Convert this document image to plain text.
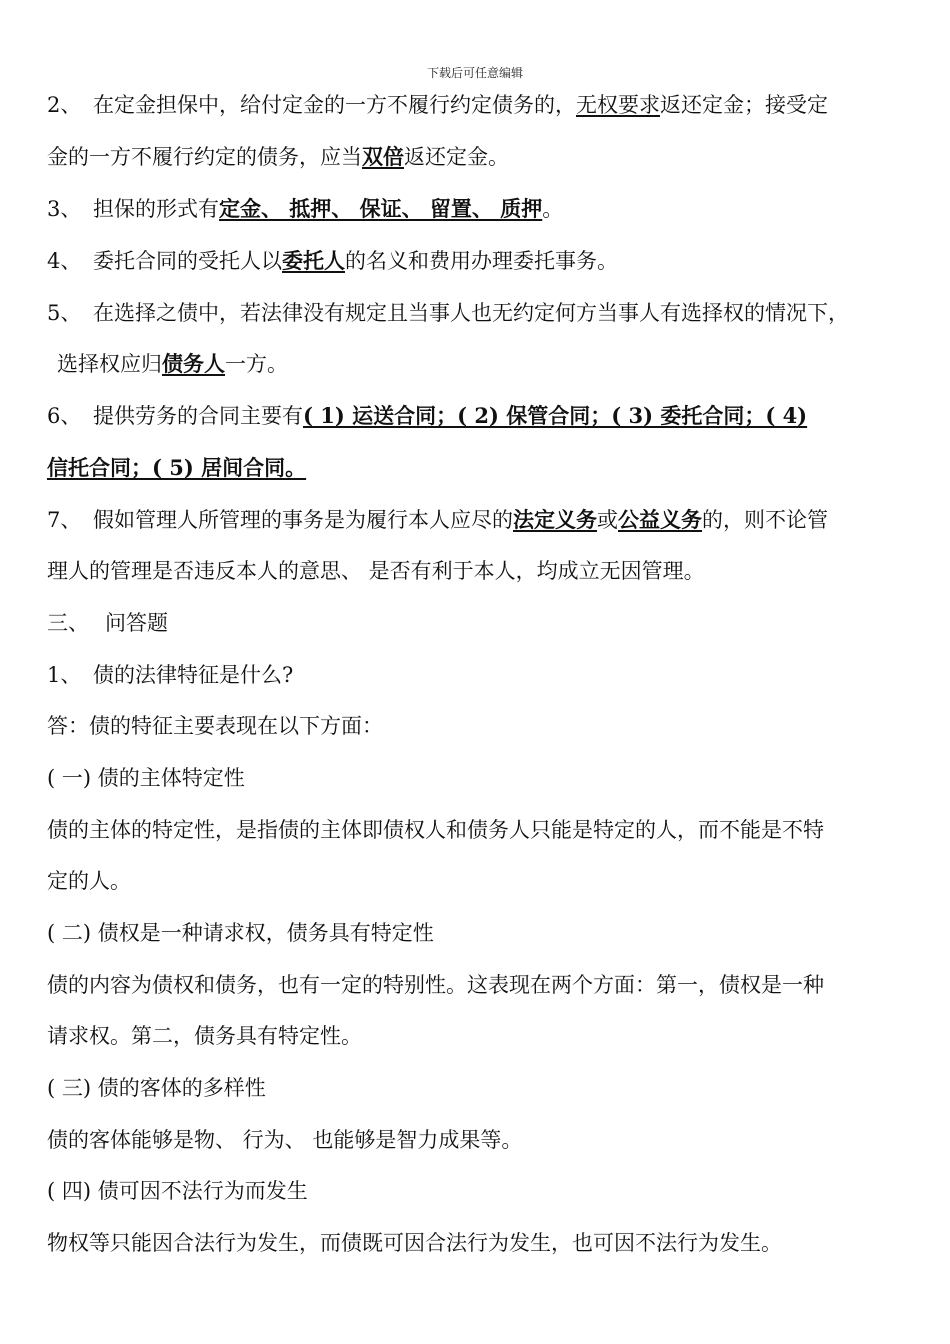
下载后可任意编辑
2、 在定金担保中，给付定金的一方不履行约定债务的，无权要求返还定金；接受定
金的一方不履行约定的债务，应当双倍返还定金。
3、 担保的形式有定金、 抵押、 保证、 留置、 质押。
4、 委托合同的受托人以委托人的名义和费用办理委托事务。
5、 在选择之债中，若法律没有规定且当事人也无约定何方当事人有选择权的情况下，
选择权应归债务人一方。
6、 提供劳务的合同主要有( 1) 运送合同；( 2) 保管合同；( 3) 委托合同；( 4)
信托合同；( 5) 居间合同。
7、 假如管理人所管理的事务是为履行本人应尽的法定义务或公益义务的，则不论管
理人的管理是否违反本人的意思、 是否有利于本人，均成立无因管理。
三、 问答题
1、 债的法律特征是什么?
答：债的特征主要表现在以下方面：
( 一) 债的主体特定性
债的主体的特定性，是指债的主体即债权人和债务人只能是特定的人，而不能是不特
定的人。
( 二) 债权是一种请求权，债务具有特定性
债的内容为债权和债务，也有一定的特别性。这表现在两个方面：第一，债权是一种
请求权。第二，债务具有特定性。
( 三) 债的客体的多样性
债的客体能够是物、 行为、 也能够是智力成果等。
( 四) 债可因不法行为而发生
物权等只能因合法行为发生，而债既可因合法行为发生，也可因不法行为发生。
